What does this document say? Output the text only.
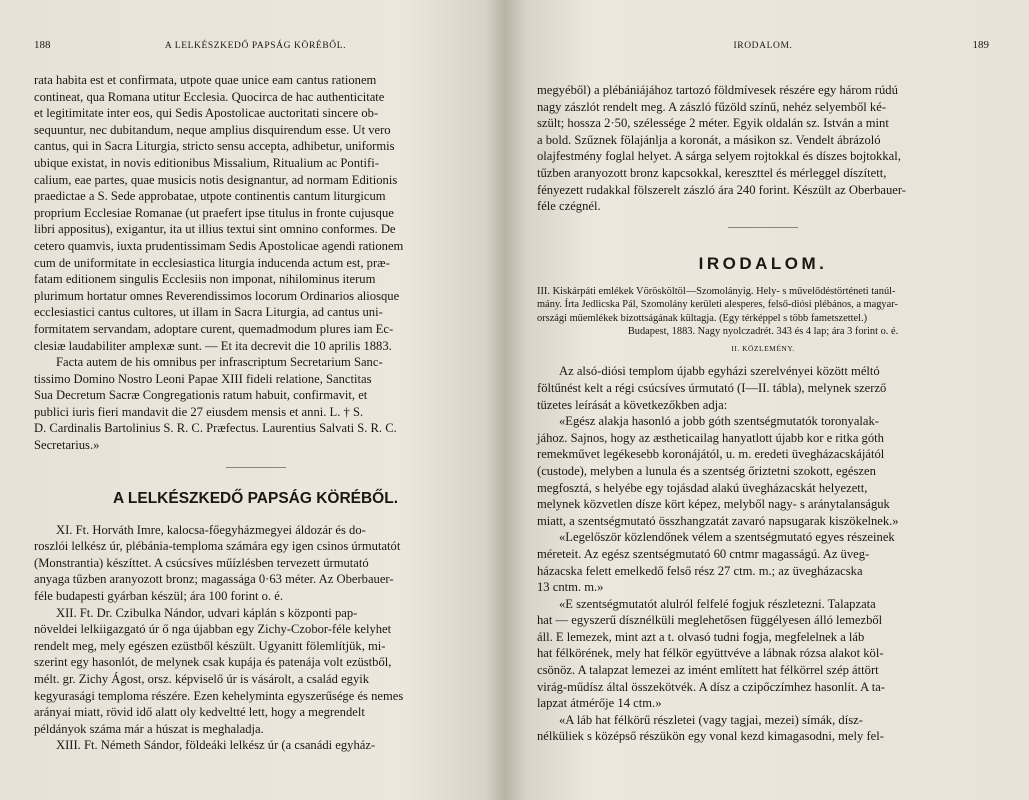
188	A LELKÉSZKEDŐ PAPSÁG KÖRÉBŐL.

rata habita est et confirmata, utpote quae unice eam cantus rationem

contineat, qua Romana utitur Ecclesia. Quocirca de hac authenticitate

et legitimitate inter eos, qui Sedis Apostolicae auctoritati sincere ob-

sequuntur, nec dubitandum, neque amplius disquirendum esse. Ut vero

cantus, qui in Sacra Liturgia, stricto sensu accepta, adhibetur, uniformis

ubique existat, in novis editionibus Missalium, Ritualium ac Pontifi-

calium, eae partes, quae musicis notis designantur, ad normam Editionis

praedictae a S. Sede approbatae, utpote continentis cantum liturgicum

proprium Ecclesiae Romanae (ut praefert ipse titulus in fronte cujusque

libri appositus), exigantur, ita ut illius textui sint omnino conformes. De

cetero quamvis, iuxta prudentissimam Sedis Apostolicae agendi rationem

cum de uniformitate in ecclesiastica liturgia inducenda actum est, præ-

fatam editionem singulis Ecclesiis non imponat, nihilominus iterum

plurimum hortatur omnes Reverendissimos locorum Ordinarios aliosque

ecclesiastici cantus cultores, ut illam in Sacra Liturgia, ad cantus uni-

formitatem servandam, adoptare curent, quemadmodum plures iam Ec-

clesiæ laudabiliter amplexæ sunt. — Et ita decrevit die 10 aprilis 1883.

Facta autem de his omnibus per infrascriptum Secretarium Sanc-

tissimo Domino Nostro Leoni Papae XIII fideli relatione, Sanctitas

Sua Decretum Sacræ Congregationis ratum habuit, confirmavit, et

publici iuris fieri mandavit die 27 eiusdem mensis et anni. L. † S.

D. Cardinalis Bartolinius S. R. C. Præfectus. Laurentius Salvati S. R. C.

Secretarius.»

A LELKÉSZKEDŐ PAPSÁG KÖRÉBŐL.

XI. Ft. Horváth Imre, kalocsa-főegyházmegyei áldozár és do-

roszlói lelkész úr, plébánia-temploma számára egy igen csinos úrmutatót

(Monstrantia) készíttet. A csúcsíves műízlésben tervezett úrmutató

anyaga tűzben aranyozott bronz; magassága 0·63 méter. Az Oberbauer-

féle budapesti gyárban készül; ára 100 forint o. é.

XII. Ft. Dr. Czibulka Nándor, udvari káplán s központi pap-

növeldei lelkiigazgató úr ő nga újabban egy Zichy-Czobor-féle kelyhet

rendelt meg, mely egészen ezüstből készült. Ugyanitt fölemlítjük, mi-

szerint egy hasonlót, de melynek csak kupája és patenája volt ezüstből,

mélt. gr. Zichy Ágost, orsz. képviselő úr is vásárolt, a család egyik

kegyurasági temploma részére. Ezen kehelyminta egyszerűsége és nemes

arányai miatt, rövid idő alatt oly kedveltté lett, hogy a megrendelt

példányok száma már a húszat is meghaladja.

XIII. Ft. Németh Sándor, földeáki lelkész úr (a csanádi egyház-

IRODALOM.	189

megyéből) a plébániájához tartozó földmívesek részére egy három rúdú

nagy zászlót rendelt meg. A zászló fűzöld színű, nehéz selyemből ké-

szült; hossza 2·50, szélessége 2 méter. Egyik oldalán sz. István a mint

a bold. Szűznek fölajánlja a koronát, a másikon sz. Vendelt ábrázoló

olajfestmény foglal helyet. A sárga selyem rojtokkal és díszes bojtokkal,

tűzben aranyozott bronz kapcsokkal, kereszttel és mérleggel díszített,

fényezett rudakkal fölszerelt zászló ára 240 forint. Készült az Oberbauer-

féle czégnél.

IRODALOM.

III. Kiskárpáti emlékek Vörösköltöl—Szomolányig. Hely- s művelődéstörténeti tanúl-

mány. Írta Jedlicska Pál, Szomolány kerületi alesperes, felső-diósi plébános, a magyar-

országi műemlékek bizottságának kültagja. (Egy térképpel s több fametszettel.)

Budapest, 1883. Nagy nyolczadrét. 343 és 4 lap; ára 3 forint o. é.

II. KÖZLEMÉNY.

Az alsó-diósi templom újabb egyházi szerelvényei között méltó

föltűnést kelt a régi csúcsíves úrmutató (I—II. tábla), melynek szerző

tüzetes leírását a következőkben adja:

«Egész alakja hasonló a jobb góth szentségmutatók toronyalak-

jához. Sajnos, hogy az æstheticailag hanyatlott újabb kor e ritka góth

remekművet legékesebb koronájától, u. m. eredeti üvegházacskájától

(custode), melyben a lunula és a szentség őriztetni szokott, egészen

megfosztá, s helyébe egy tojásdad alakú üvegházacskát helyezett,

melynek közvetlen dísze kört képez, melyből nagy- s aránytalanságuk

miatt, a szentségmutató összhangzatát zavaró napsugarak kiszökelnek.»

«Legelőször közlendőnek vélem a szentségmutató egyes részeinek

méreteit. Az egész szentségmutató 60 cntmr magasságú. Az üveg-

házacska felett emelkedő felső rész 27 ctm. m.; az üvegházacska

13 cntm. m.»

«E szentségmutatót alulról felfelé fogjuk részletezni. Talapzata

hat — egyszerű dísznélküli meglehetősen függélyesen álló lemezből

áll. E lemezek, mint azt a t. olvasó tudni fogja, megfelelnek a láb

hat félkörének, mely hat félkör együttvéve a lábnak rózsa alakot köl-

csönöz. A talapzat lemezei az imént említett hat félkörrel szép áttört

virág-műdísz által összekötvék. A dísz a czipőczímhez hasonlít. A ta-

lapzat átmérője 14 ctm.»

«A láb hat félkörű részletei (vagy tagjai, mezei) símák, dísz-

nélküliek s középső részükön egy vonal kezd kimagasodni, mely fel-
